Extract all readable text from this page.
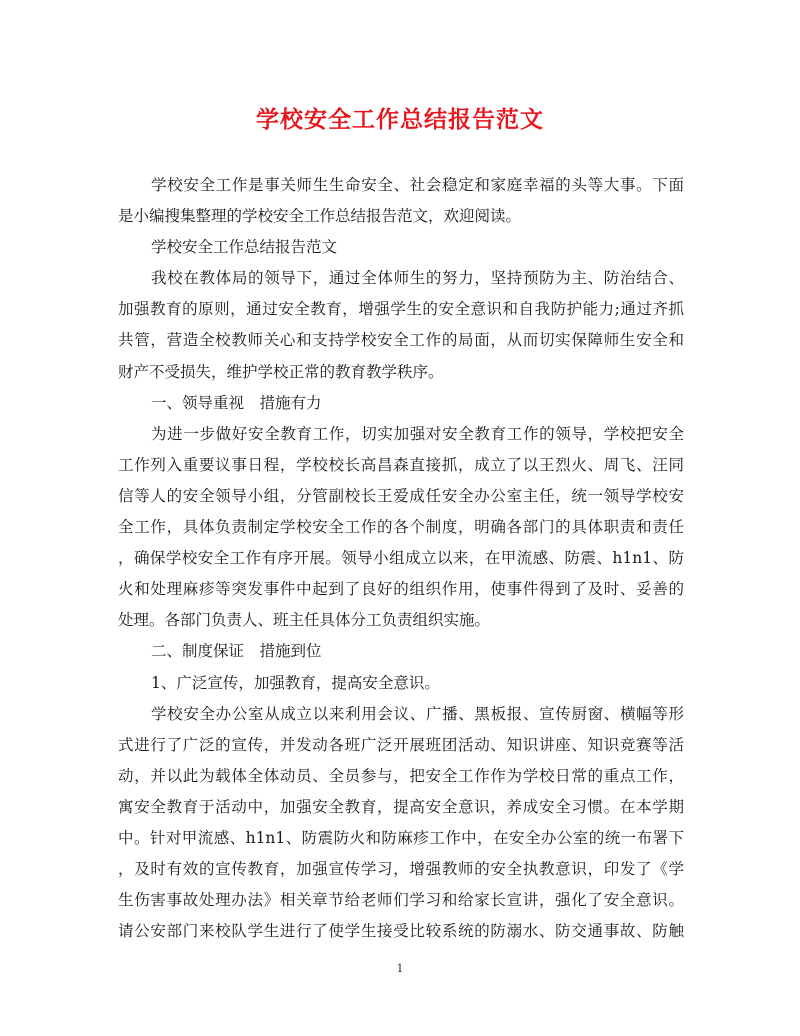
学校安全工作总结报告范文
学校安全工作是事关师生生命安全、社会稳定和家庭幸福的头等大事。下面
是小编搜集整理的学校安全工作总结报告范文，欢迎阅读。
学校安全工作总结报告范文
我校在教体局的领导下，通过全体师生的努力，坚持预防为主、防治结合、
加强教育的原则，通过安全教育，增强学生的安全意识和自我防护能力;通过齐抓
共管，营造全校教师关心和支持学校安全工作的局面，从而切实保障师生安全和
财产不受损失，维护学校正常的教育教学秩序。
一、领导重视　措施有力
为进一步做好安全教育工作，切实加强对安全教育工作的领导，学校把安全
工作列入重要议事日程，学校校长高昌森直接抓，成立了以王烈火、周飞、汪同
信等人的安全领导小组，分管副校长王爱成任安全办公室主任，统一领导学校安
全工作，具体负责制定学校安全工作的各个制度，明确各部门的具体职责和责任
，确保学校安全工作有序开展。领导小组成立以来，在甲流感、防震、h1n1、防
火和处理麻疹等突发事件中起到了良好的组织作用，使事件得到了及时、妥善的
处理。各部门负责人、班主任具体分工负责组织实施。
二、制度保证　措施到位
1、广泛宣传，加强教育，提高安全意识。
学校安全办公室从成立以来利用会议、广播、黑板报、宣传厨窗、横幅等形
式进行了广泛的宣传，并发动各班广泛开展班团活动、知识讲座、知识竞赛等活
动，并以此为载体全体动员、全员参与，把安全工作作为学校日常的重点工作，
寓安全教育于活动中，加强安全教育，提高安全意识，养成安全习惯。在本学期
中。针对甲流感、h1n1、防震防火和防麻疹工作中，在安全办公室的统一布署下
，及时有效的宣传教育，加强宣传学习，增强教师的安全执教意识，印发了《学
生伤害事故处理办法》相关章节给老师们学习和给家长宣讲，强化了安全意识。
请公安部门来校队学生进行了使学生接受比较系统的防溺水、防交通事故、防触
1
